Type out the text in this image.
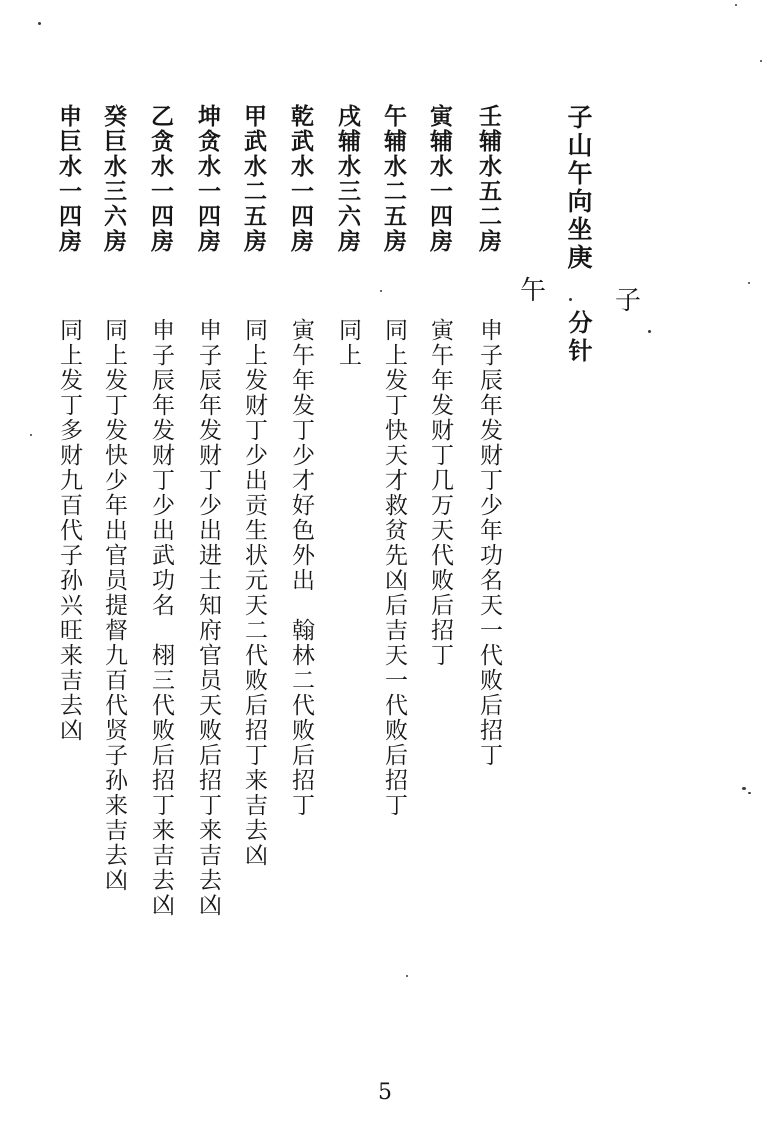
子山午向坐庚
子
午
分针
壬辅水五二房
寅辅水一四房
午辅水二五房
戌辅水三六房
乾武水一四房
甲武水二五房
坤贪水一四房
乙贪水一四房
癸巨水三六房
申巨水一四房
申子辰年发财丁少年功名天一代败后招丁
寅午年发财丁几万天代败后招丁
同上发丁快天才救贫先凶后吉天一代败后招丁
同上
寅午年发丁少才好色外出　翰林二代败后招丁
同上发财丁少出贡生状元天二代败后招丁来吉去凶
申子辰年发财丁少出进士知府官员天败后招丁来吉去凶
申子辰年发财丁少出武功名　栩三代败后招丁来吉去凶
同上发丁发快少年出官员提督九百代贤子孙来吉去凶
同上发丁多财九百代子孙兴旺来吉去凶
5
